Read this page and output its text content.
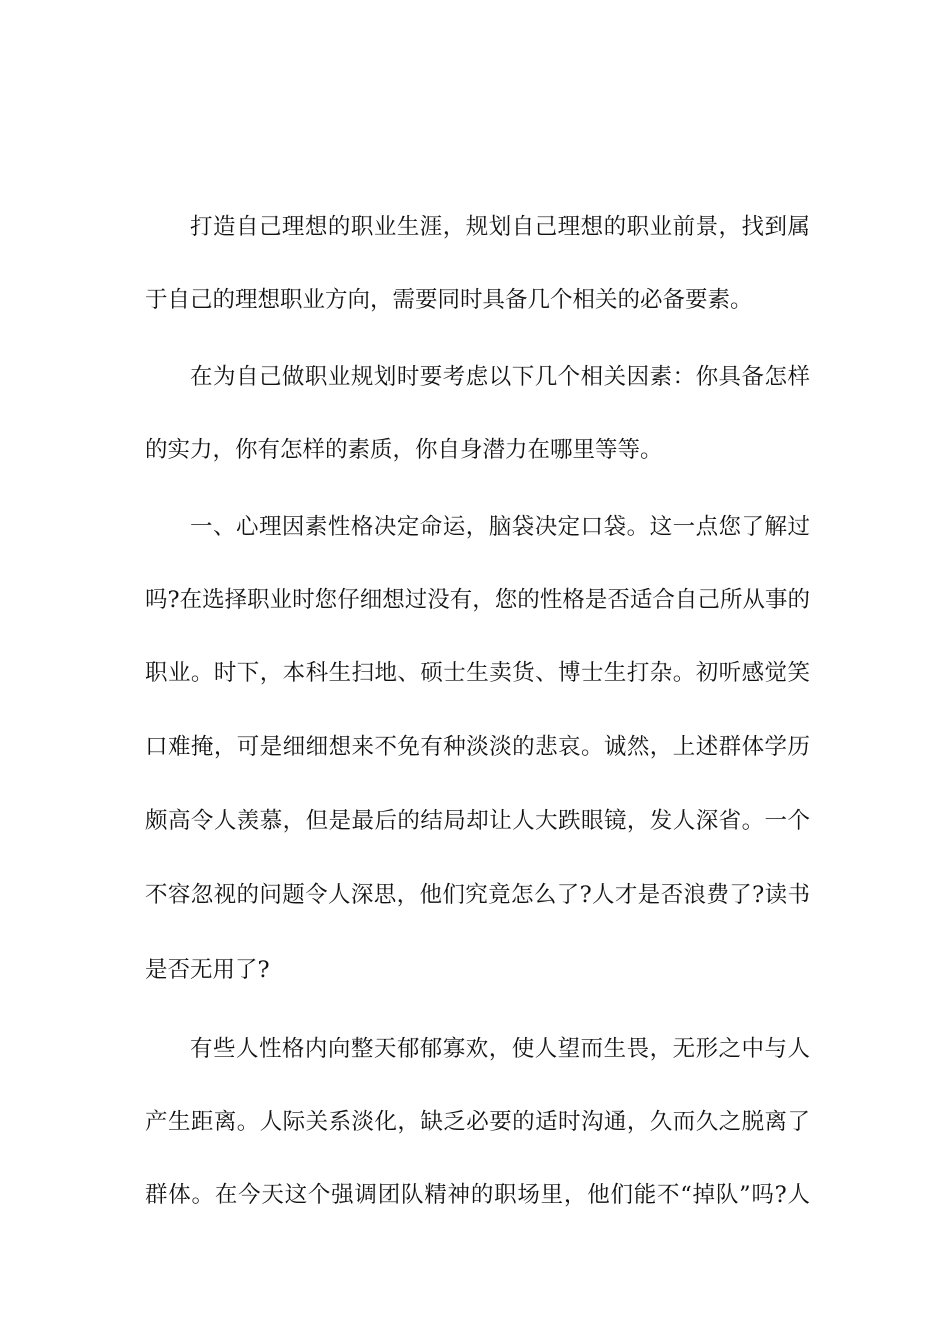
打造自己理想的职业生涯，规划自己理想的职业前景，找到属
于自己的理想职业方向，需要同时具备几个相关的必备要素。
在为自己做职业规划时要考虑以下几个相关因素：你具备怎样
的实力，你有怎样的素质，你自身潜力在哪里等等。
一、心理因素性格决定命运，脑袋决定口袋。这一点您了解过
吗?在选择职业时您仔细想过没有，您的性格是否适合自己所从事的
职业。时下，本科生扫地、硕士生卖货、博士生打杂。初听感觉笑
口难掩，可是细细想来不免有种淡淡的悲哀。诚然，上述群体学历
颇高令人羡慕，但是最后的结局却让人大跌眼镜，发人深省。一个
不容忽视的问题令人深思，他们究竟怎么了?人才是否浪费了?读书
是否无用了?
有些人性格内向整天郁郁寡欢，使人望而生畏，无形之中与人
产生距离。人际关系淡化，缺乏必要的适时沟通，久而久之脱离了
群体。在今天这个强调团队精神的职场里，他们能不“掉队”吗?人
